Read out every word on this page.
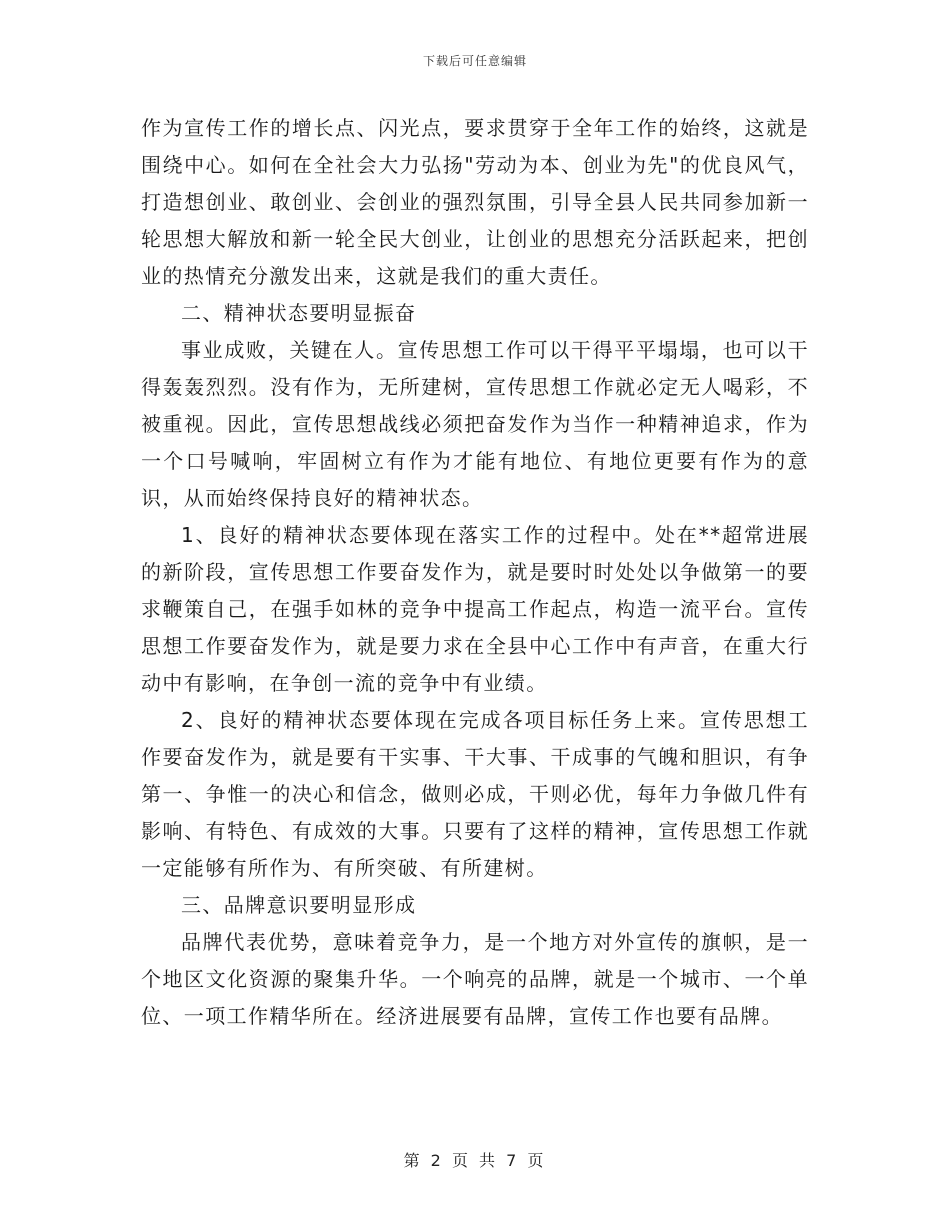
下载后可任意编辑

作为宣传工作的增长点、闪光点，要求贯穿于全年工作的始终，这就是围绕中心。如何在全社会大力弘扬"劳动为本、创业为先"的优良风气，打造想创业、敢创业、会创业的强烈氛围，引导全县人民共同参加新一轮思想大解放和新一轮全民大创业，让创业的思想充分活跃起来，把创业的热情充分激发出来，这就是我们的重大责任。

二、精神状态要明显振奋

事业成败，关键在人。宣传思想工作可以干得平平塌塌，也可以干得轰轰烈烈。没有作为，无所建树，宣传思想工作就必定无人喝彩，不被重视。因此，宣传思想战线必须把奋发作为当作一种精神追求，作为一个口号喊响，牢固树立有作为才能有地位、有地位更要有作为的意识，从而始终保持良好的精神状态。

1、良好的精神状态要体现在落实工作的过程中。处在**超常进展的新阶段，宣传思想工作要奋发作为，就是要时时处处以争做第一的要求鞭策自己，在强手如林的竞争中提高工作起点，构造一流平台。宣传思想工作要奋发作为，就是要力求在全县中心工作中有声音，在重大行动中有影响，在争创一流的竞争中有业绩。

2、良好的精神状态要体现在完成各项目标任务上来。宣传思想工作要奋发作为，就是要有干实事、干大事、干成事的气魄和胆识，有争第一、争惟一的决心和信念，做则必成，干则必优，每年力争做几件有影响、有特色、有成效的大事。只要有了这样的精神，宣传思想工作就一定能够有所作为、有所突破、有所建树。

三、品牌意识要明显形成

品牌代表优势，意味着竞争力，是一个地方对外宣传的旗帜，是一个地区文化资源的聚集升华。一个响亮的品牌，就是一个城市、一个单位、一项工作精华所在。经济进展要有品牌，宣传工作也要有品牌。

第 2 页 共 7 页
